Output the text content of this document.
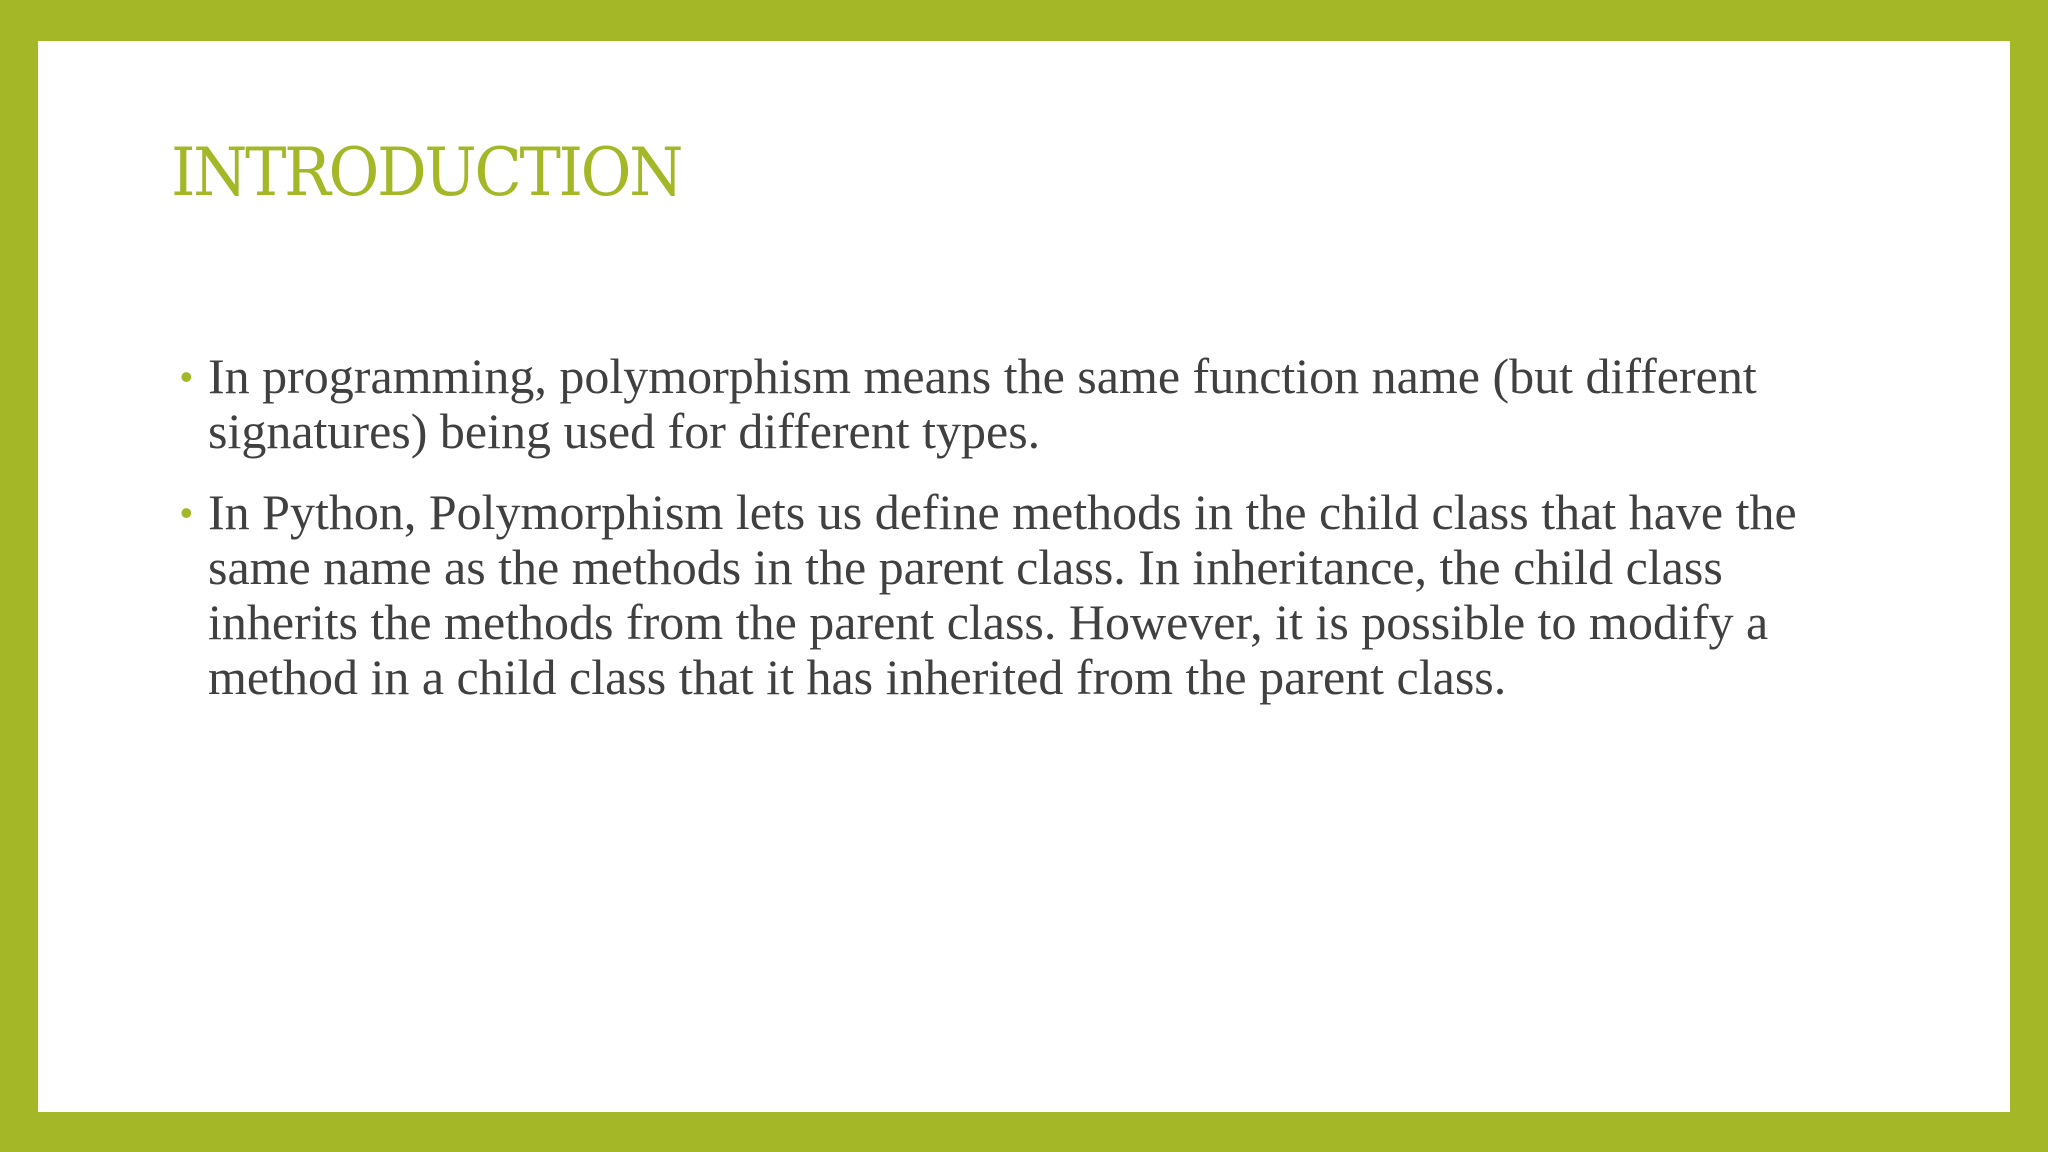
INTRODUCTION
• In programming, polymorphism means the same function name (but different signatures) being used for different types.
• In Python, Polymorphism lets us define methods in the child class that have the same name as the methods in the parent class. In inheritance, the child class inherits the methods from the parent class. However, it is possible to modify a method in a child class that it has inherited from the parent class.
